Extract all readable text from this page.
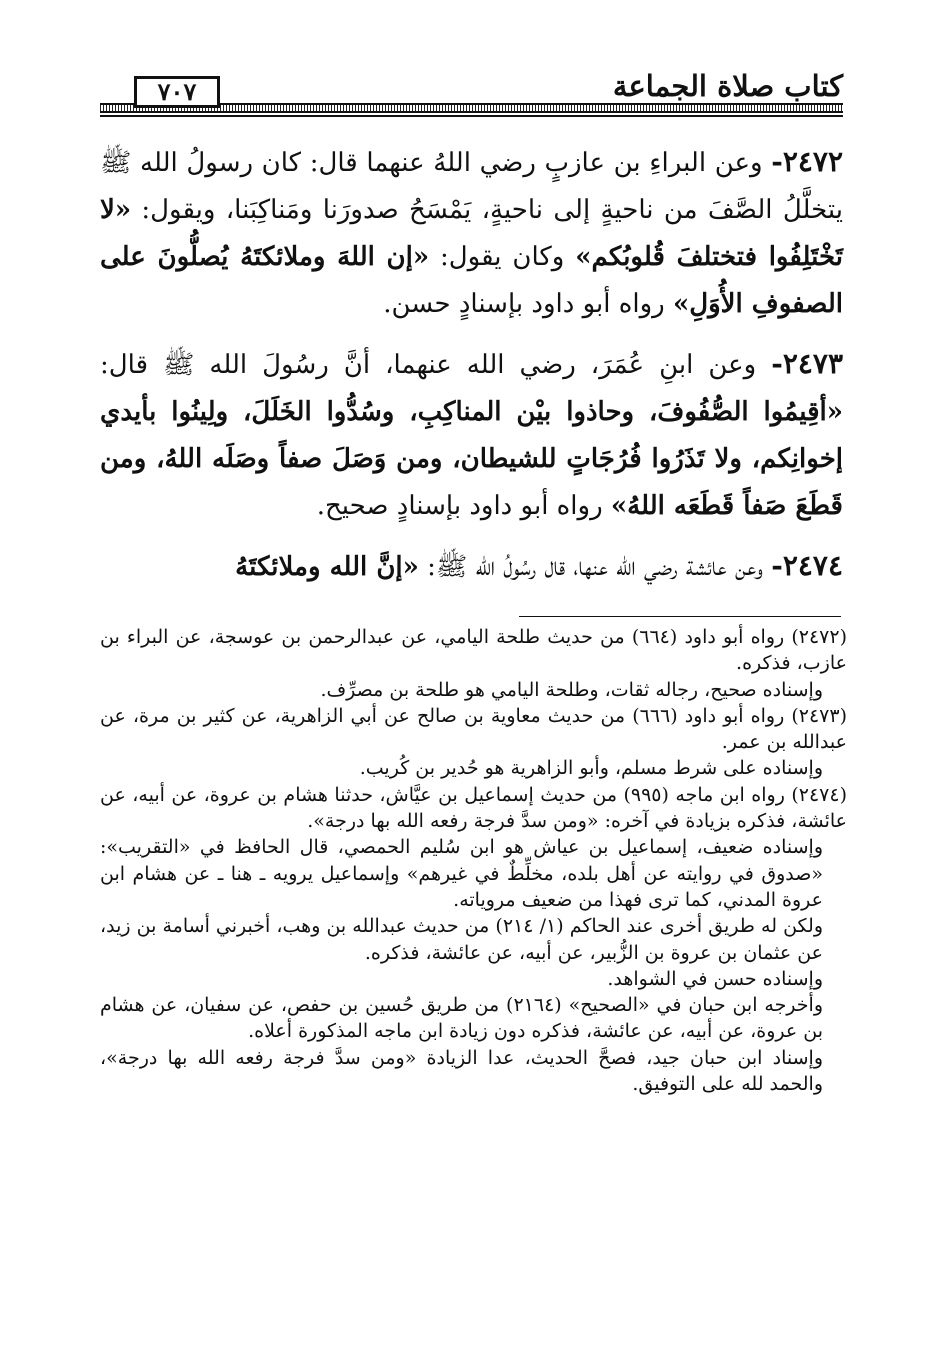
كتاب صلاة الجماعة
٧٠٧

٢٤٧٢- وعن البراءِ بن عازبٍ رضي اللهُ عنهما قال: كان رسولُ الله ﷺ يتخلَّلُ الصَّفَ من ناحيةٍ إلى ناحيةٍ، يَمْسَحُ صدورَنا ومَناكِبَنا، ويقول: «لا تَخْتَلِفُوا فتختلفَ قُلوبُكم» وكان يقول: «إن اللهَ وملائكتَهُ يُصلُّونَ على الصفوفِ الأُوَلِ» رواه أبو داود بإسنادٍ حسن.

٢٤٧٣- وعن ابنِ عُمَرَ، رضي الله عنهما، أنَّ رسُولَ الله ﷺ قال: «أقِيمُوا الصُّفُوفَ، وحاذوا بيْن المناكِبِ، وسُدُّوا الخَلَلَ، ولِينُوا بأيدي إخوانِكم، ولا تَذَرُوا فُرُجَاتٍ للشيطان، ومن وَصَلَ صفاً وصَلَه اللهُ، ومن قَطَعَ صَفاً قَطَعَه اللهُ» رواه أبو داود بإسنادٍ صحيح.

٢٤٧٤- وعن عائشة رضي الله عنها، قال رسُولُ الله ﷺ: «إنَّ الله وملائكتَهُ

(٢٤٧٢) رواه أبو داود (٦٦٤) من حديث طلحة اليامي، عن عبدالرحمن بن عوسجة، عن البراء بن عازب، فذكره.

وإسناده صحيح، رجاله ثقات، وطلحة اليامي هو طلحة بن مصرِّف.

(٢٤٧٣) رواه أبو داود (٦٦٦) من حديث معاوية بن صالح عن أبي الزاهرية، عن كثير بن مرة، عن عبدالله بن عمر.

وإسناده على شرط مسلم، وأبو الزاهرية هو حُدير بن كُريب.

(٢٤٧٤) رواه ابن ماجه (٩٩٥) من حديث إسماعيل بن عيَّاش، حدثنا هشام بن عروة، عن أبيه، عن عائشة، فذكره بزيادة في آخره: «ومن سدَّ فرجة رفعه الله بها درجة».

وإسناده ضعيف، إسماعيل بن عياش هو ابن سُليم الحمصي، قال الحافظ في «التقريب»: «صدوق في روايته عن أهل بلده، مخلِّطٌ في غيرهم» وإسماعيل يرويه ـ هنا ـ عن هشام ابن عروة المدني، كما ترى فهذا من ضعيف مروياته.

ولكن له طريق أخرى عند الحاكم (١/ ٢١٤) من حديث عبدالله بن وهب، أخبرني أسامة بن زيد، عن عثمان بن عروة بن الزُّبير، عن أبيه، عن عائشة، فذكره.

وإسناده حسن في الشواهد.

وأخرجه ابن حبان في «الصحيح» (٢١٦٤) من طريق حُسين بن حفص، عن سفيان، عن هشام بن عروة، عن أبيه، عن عائشة، فذكره دون زيادة ابن ماجه المذكورة أعلاه.

وإسناد ابن حبان جيد، فصحَّ الحديث، عدا الزيادة «ومن سدَّ فرجة رفعه الله بها درجة»، والحمد لله على التوفيق.
